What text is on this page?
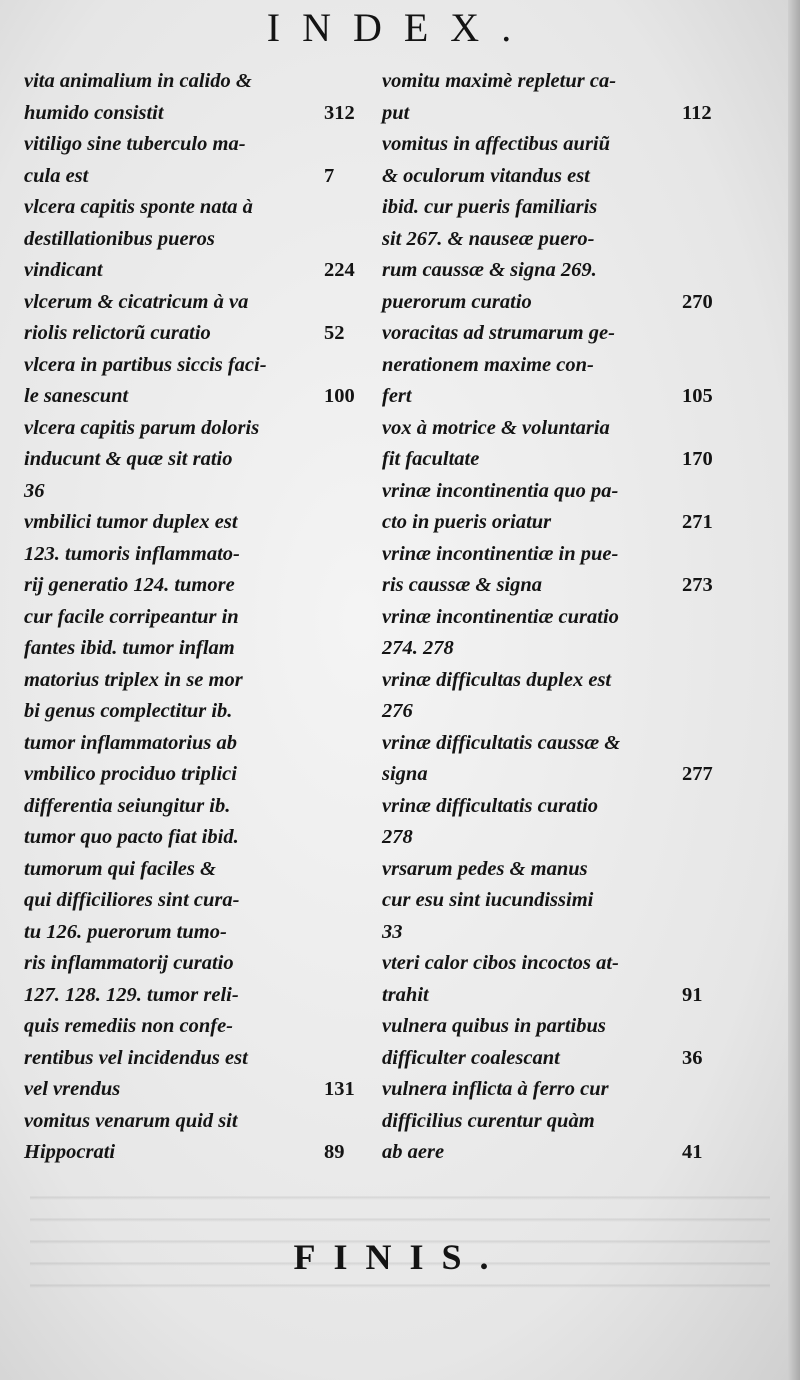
INDEX.
vita animalium in calido &
312
humido consistit
vitiligo sine tuberculo ma-
7
cula est
vlcera capitis sponte nata à
destillationibus pueros
224
vindicant
vlcerum & cicatricum à va
52
riolis relictorũ curatio
vlcera in partibus siccis faci-
100
le sanescunt
vlcera capitis parum doloris
inducunt & quæ sit ratio
36
vmbilici tumor duplex est
123. tumoris inflammato-
rij generatio 124. tumore
cur facile corripeantur in
fantes ibid. tumor inflam
matorius triplex in se mor
bi genus complectitur ib.
tumor inflammatorius ab
vmbilico prociduo triplici
differentia seiungitur ib.
tumor quo pacto fiat ibid.
tumorum qui faciles &
qui difficiliores sint cura-
tu 126. puerorum tumo-
ris inflammatorij curatio
127. 128. 129. tumor reli-
quis remediis non confe-
rentibus vel incidendus est
131
vel vrendus
vomitus venarum quid sit
89
Hippocrati
vomitu maximè repletur ca-
112
put
vomitus in affectibus auriũ
& oculorum vitandus est
ibid. cur pueris familiaris
sit 267. & nauseæ puero-
rum caussæ & signa 269.
270
puerorum curatio
voracitas ad strumarum ge-
nerationem maxime con-
105
fert
vox à motrice & voluntaria
170
fit facultate
vrinæ incontinentia quo pa-
271
cto in pueris oriatur
vrinæ incontinentiæ in pue-
273
ris caussæ & signa
vrinæ incontinentiæ curatio
274. 278
vrinæ difficultas duplex est
276
vrinæ difficultatis caussæ &
277
signa
vrinæ difficultatis curatio
278
vrsarum pedes & manus
cur esu sint iucundissimi
33
vteri calor cibos incoctos at-
91
trahit
vulnera quibus in partibus
36
difficulter coalescant
vulnera inflicta à ferro cur
difficilius curentur quàm
41
ab aere
FINIS.
